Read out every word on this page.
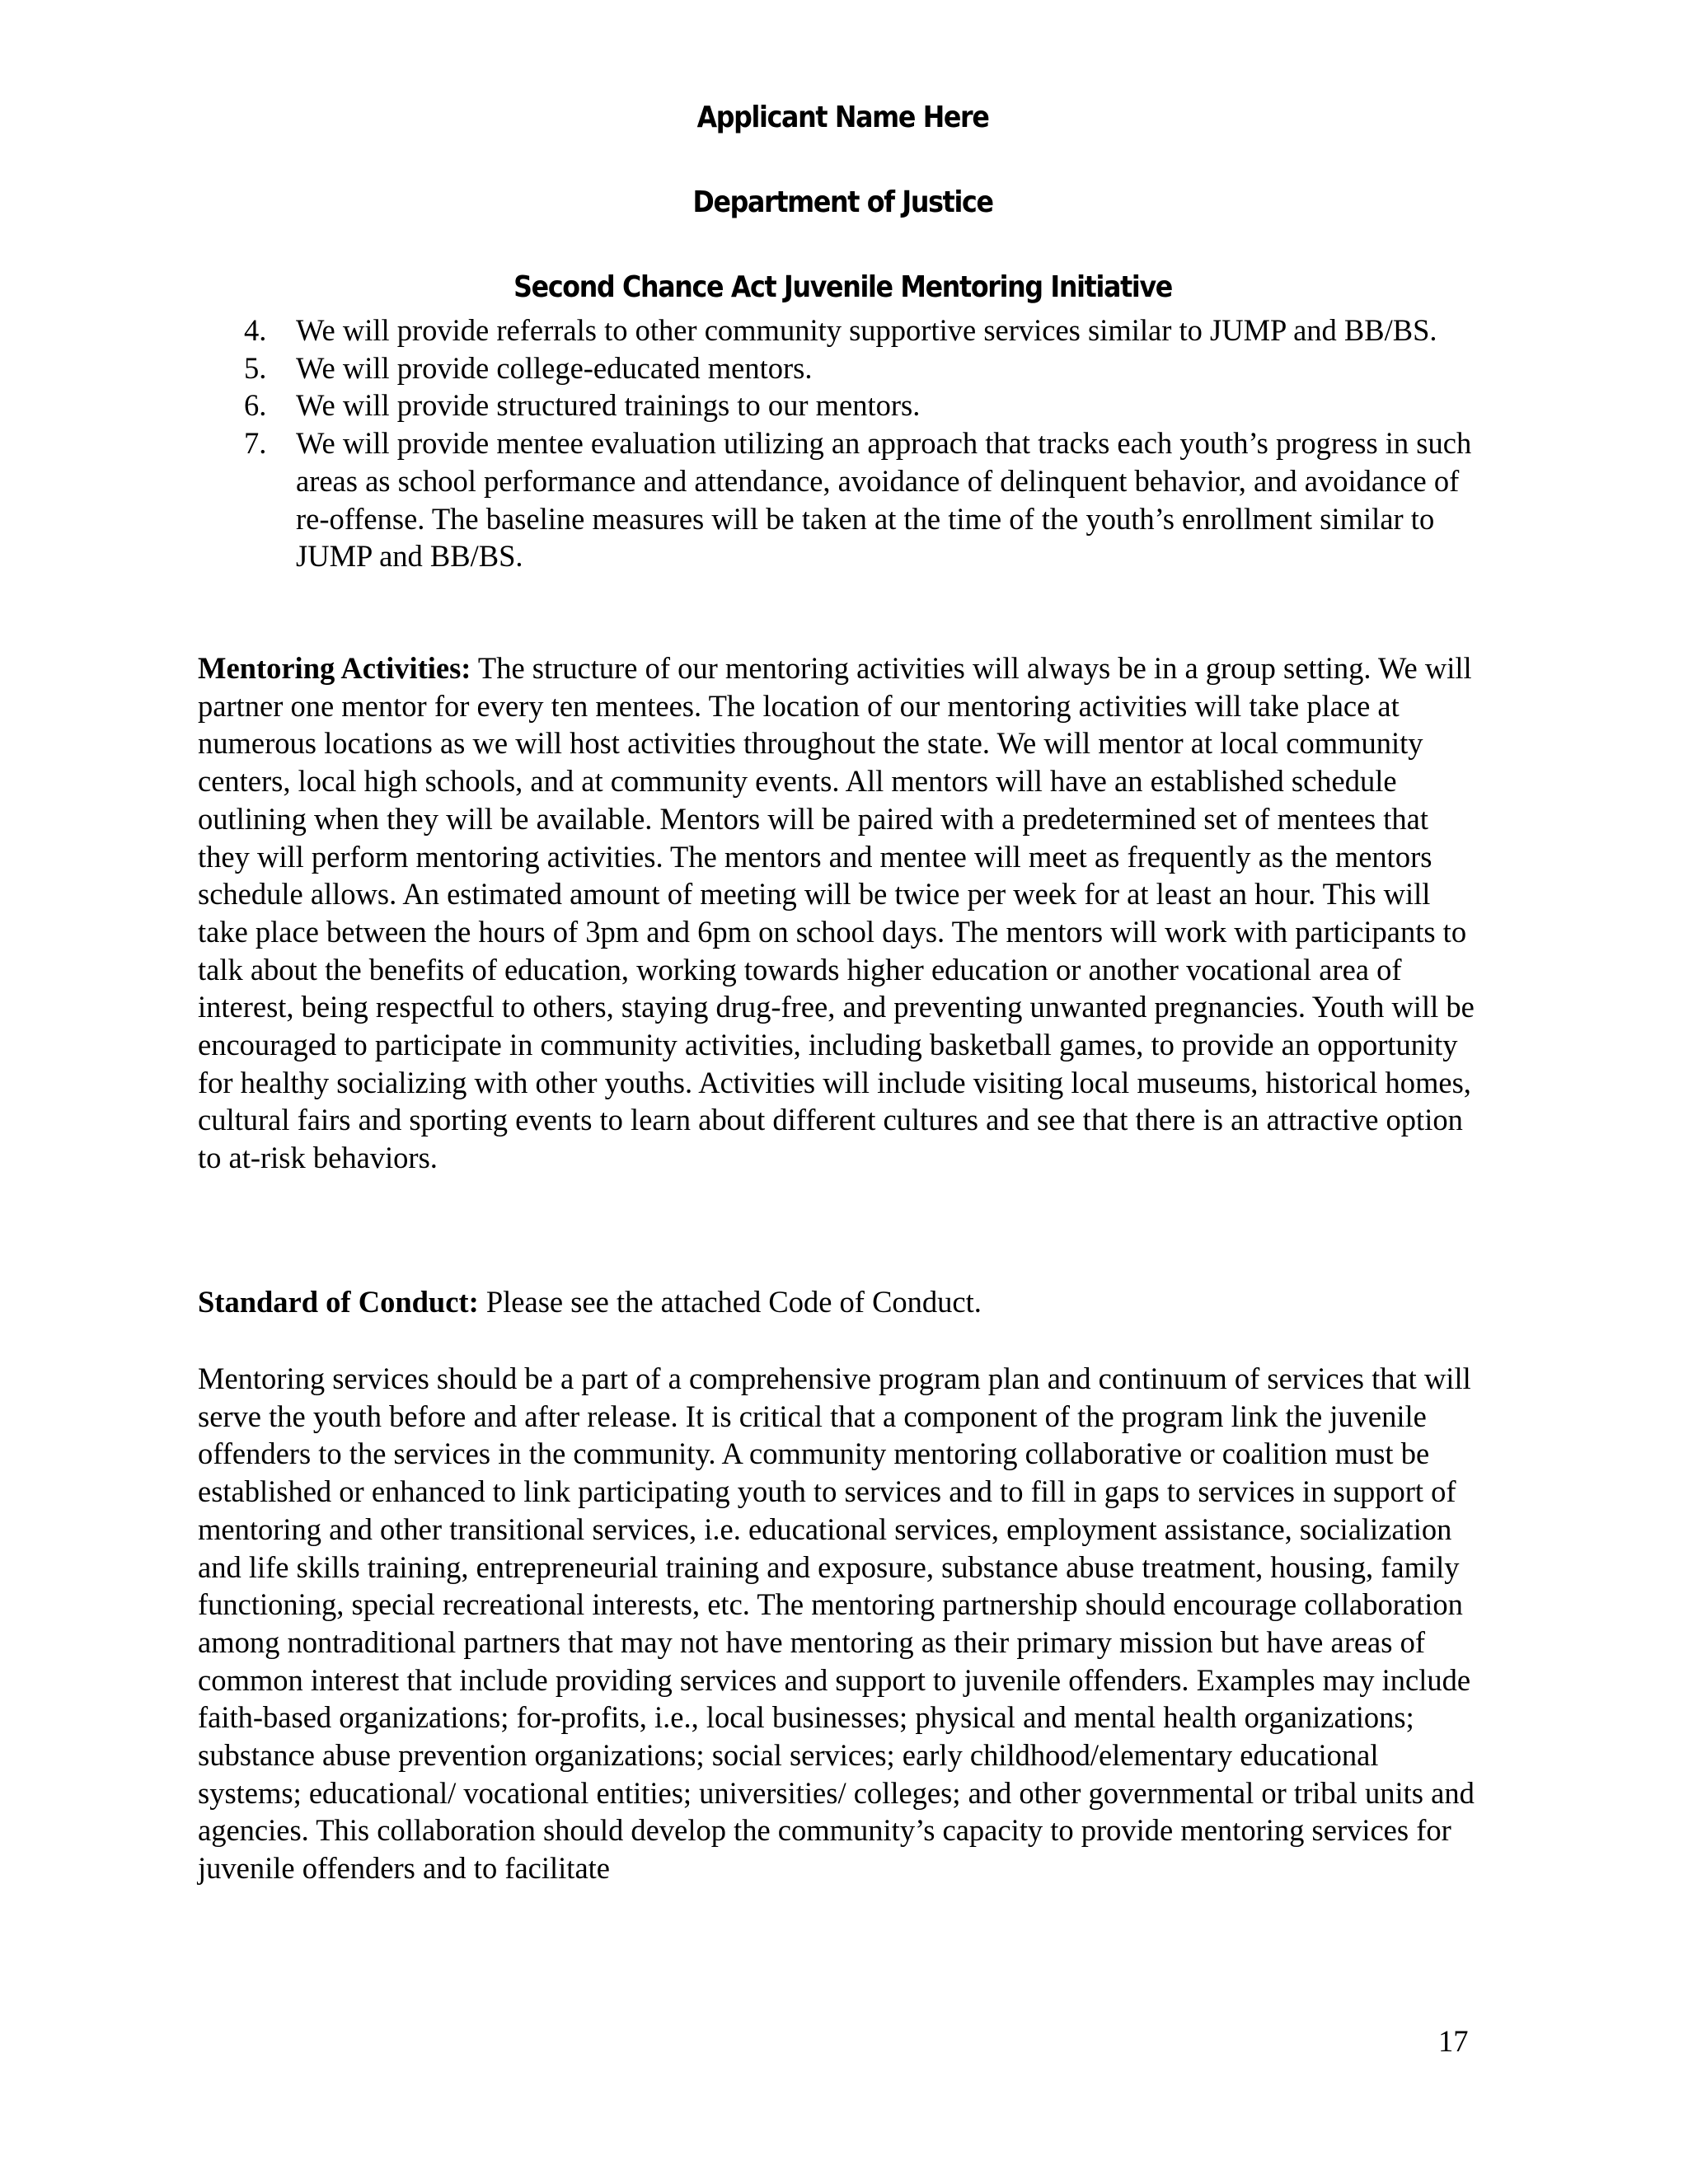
Applicant Name Here
Department of Justice
Second Chance Act Juvenile Mentoring Initiative
4. We will provide referrals to other community supportive services similar to JUMP and BB/BS.
5. We will provide college-educated mentors.
6. We will provide structured trainings to our mentors.
7. We will provide mentee evaluation utilizing an approach that tracks each youth’s progress in such areas as school performance and attendance, avoidance of delinquent behavior, and avoidance of re-offense. The baseline measures will be taken at the time of the youth’s enrollment similar to JUMP and BB/BS.
Mentoring Activities: The structure of our mentoring activities will always be in a group setting. We will partner one mentor for every ten mentees. The location of our mentoring activities will take place at numerous locations as we will host activities throughout the state. We will mentor at local community centers, local high schools, and at community events. All mentors will have an established schedule outlining when they will be available. Mentors will be paired with a predetermined set of mentees that they will perform mentoring activities. The mentors and mentee will meet as frequently as the mentors schedule allows. An estimated amount of meeting will be twice per week for at least an hour. This will take place between the hours of 3pm and 6pm on school days. The mentors will work with participants to talk about the benefits of education, working towards higher education or another vocational area of interest, being respectful to others, staying drug-free, and preventing unwanted pregnancies. Youth will be encouraged to participate in community activities, including basketball games, to provide an opportunity for healthy socializing with other youths. Activities will include visiting local museums, historical homes, cultural fairs and sporting events to learn about different cultures and see that there is an attractive option to at-risk behaviors.
Standard of Conduct: Please see the attached Code of Conduct.
Mentoring services should be a part of a comprehensive program plan and continuum of services that will serve the youth before and after release. It is critical that a component of the program link the juvenile offenders to the services in the community. A community mentoring collaborative or coalition must be established or enhanced to link participating youth to services and to fill in gaps to services in support of mentoring and other transitional services, i.e. educational services, employment assistance, socialization and life skills training, entrepreneurial training and exposure, substance abuse treatment, housing, family functioning, special recreational interests, etc. The mentoring partnership should encourage collaboration among nontraditional partners that may not have mentoring as their primary mission but have areas of common interest that include providing services and support to juvenile offenders. Examples may include faith-based organizations; for-profits, i.e., local businesses; physical and mental health organizations; substance abuse prevention organizations; social services; early childhood/elementary educational systems; educational/ vocational entities; universities/ colleges; and other governmental or tribal units and agencies. This collaboration should develop the community’s capacity to provide mentoring services for juvenile offenders and to facilitate
17
